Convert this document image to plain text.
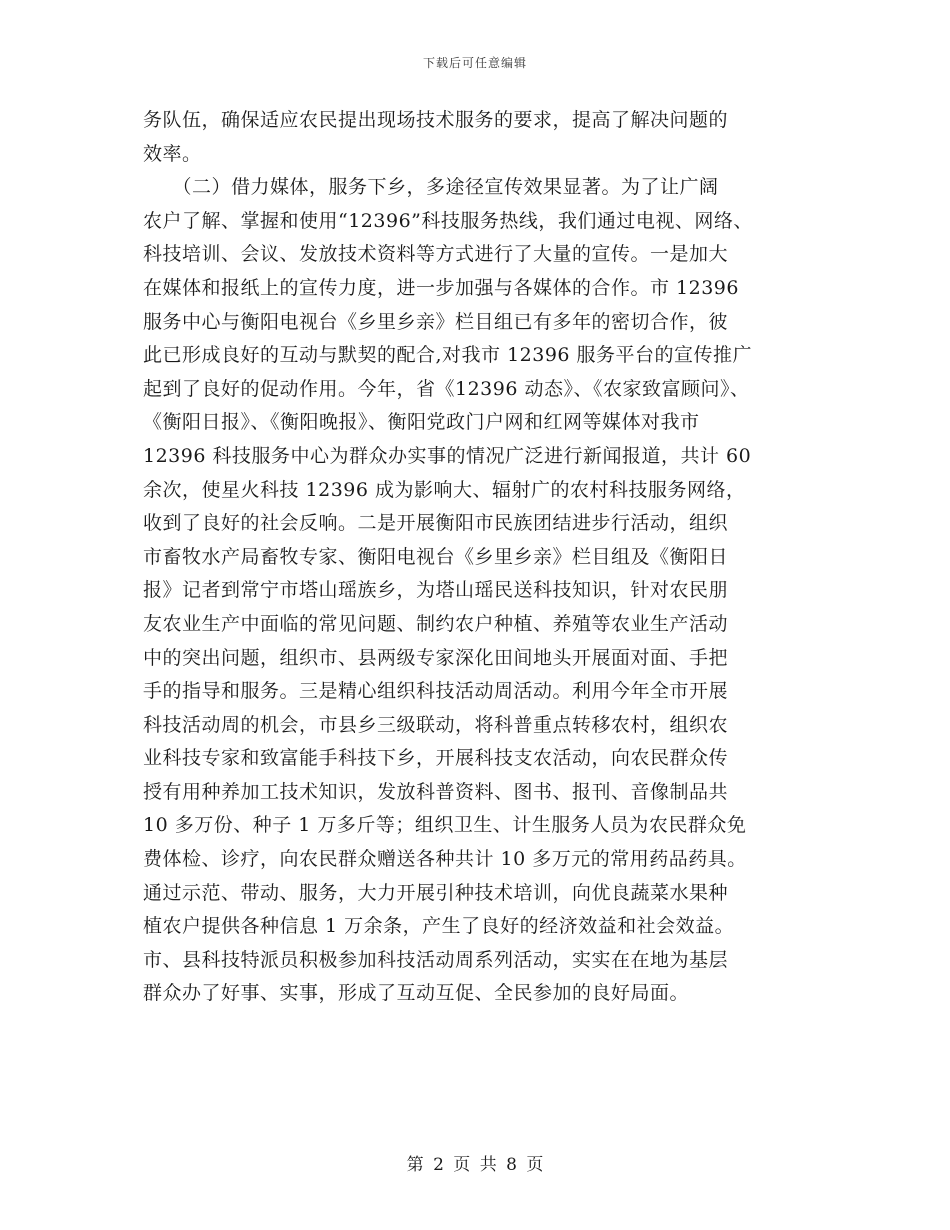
下载后可任意编辑
务队伍，确保适应农民提出现场技术服务的要求，提高了解决问题的
效率。
　　（二）借力媒体，服务下乡，多途径宣传效果显著。为了让广阔
农户了解、掌握和使用“12396”科技服务热线，我们通过电视、网络、
科技培训、会议、发放技术资料等方式进行了大量的宣传。一是加大
在媒体和报纸上的宣传力度，进一步加强与各媒体的合作。市 12396
服务中心与衡阳电视台《乡里乡亲》栏目组已有多年的密切合作，彼
此已形成良好的互动与默契的配合,对我市 12396 服务平台的宣传推广
起到了良好的促动作用。今年，省《12396 动态》、《农家致富顾问》、
《衡阳日报》、《衡阳晚报》、衡阳党政门户网和红网等媒体对我市
12396 科技服务中心为群众办实事的情况广泛进行新闻报道，共计 60
余次，使星火科技 12396 成为影响大、辐射广的农村科技服务网络，
收到了良好的社会反响。二是开展衡阳市民族团结进步行活动，组织
市畜牧水产局畜牧专家、衡阳电视台《乡里乡亲》栏目组及《衡阳日
报》记者到常宁市塔山瑶族乡，为塔山瑶民送科技知识，针对农民朋
友农业生产中面临的常见问题、制约农户种植、养殖等农业生产活动
中的突出问题，组织市、县两级专家深化田间地头开展面对面、手把
手的指导和服务。三是精心组织科技活动周活动。利用今年全市开展
科技活动周的机会，市县乡三级联动，将科普重点转移农村，组织农
业科技专家和致富能手科技下乡，开展科技支农活动，向农民群众传
授有用种养加工技术知识，发放科普资料、图书、报刊、音像制品共
10 多万份、种子 1 万多斤等；组织卫生、计生服务人员为农民群众免
费体检、诊疗，向农民群众赠送各种共计 10 多万元的常用药品药具。
通过示范、带动、服务，大力开展引种技术培训，向优良蔬菜水果种
植农户提供各种信息 1 万余条，产生了良好的经济效益和社会效益。
市、县科技特派员积极参加科技活动周系列活动，实实在在地为基层
群众办了好事、实事，形成了互动互促、全民参加的良好局面。
第 2 页 共 8 页
